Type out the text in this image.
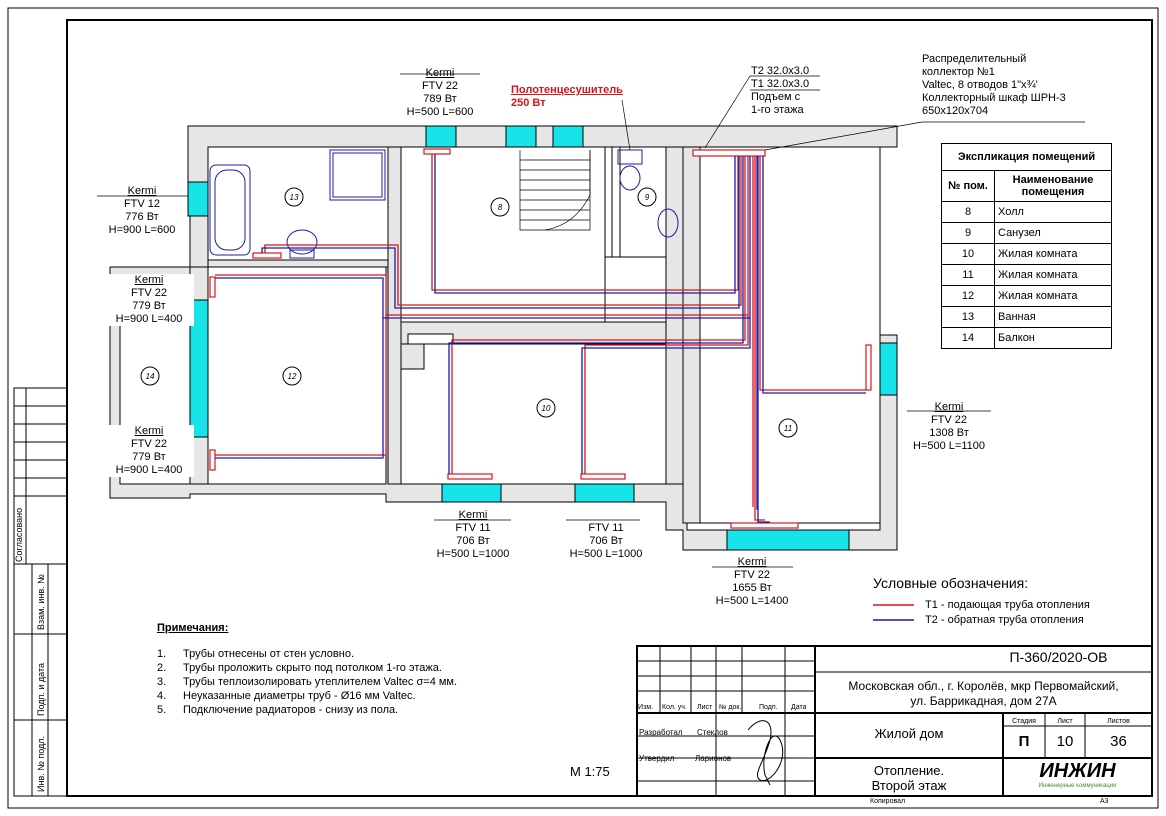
Kermi
FTV 22
789 Вт
H=500 L=600
Kermi
FTV 12
776 Вт
H=900 L=600
Kermi
FTV 22
779 Вт
H=900 L=400
Kermi
FTV 22
779 Вт
H=900 L=400
Kermi
FTV 11
706 Вт
H=500 L=1000
FTV 11
706 Вт
H=500 L=1000
Kermi
FTV 22
1655 Вт
H=500 L=1400
Kermi
FTV 22
1308 Вт
H=500 L=1100
Полотенцесушитель
250 Вт
Т2 32.0x3.0
Т1 32.0x3.0
Подъем с
1-го этажа
Распределительный
коллектор №1
Valtec, 8 отводов 1"x¾'
Коллекторный шкаф ШРН-3
650x120x704
13
8
9
10
11
12
14
Экспликация помещений	
№ пом.	Наименование помещения
8	Холл
9	Санузел
10	Жилая комната
11	Жилая комната
12	Жилая комната
13	Ванная
14	Балкон
Условные обозначения:
Т1 - подающая труба отопления
Т2 - обратная труба отопления
Примечания:
1. Трубы отнесены от стен условно.
2. Трубы проложить скрыто под потолком 1-го этажа.
3. Трубы теплоизолировать утеплителем Valtec σ=4 мм.
4. Неуказанные диаметры труб - Ø16 мм Valtec.
5. Подключение радиаторов - снизу из пола.
М 1:75
П-360/2020-ОВ
Московская обл., г. Королёв, мкр Первомайский,
ул. Баррикадная, дом 27А
Изм. Кол. уч. Лист № док.	Подп. Дата
Разработал Стеклов
Утвердил	Ларионов
Жилой дом
Отопление.
Второй этаж
Стадия	Лист	Листов
П	10	36
ИНЖИН
Инженерные коммуникации
Копировал	А3
Согласовано
Взам. инв. №
Подп. и дата
Инв. № подл.
